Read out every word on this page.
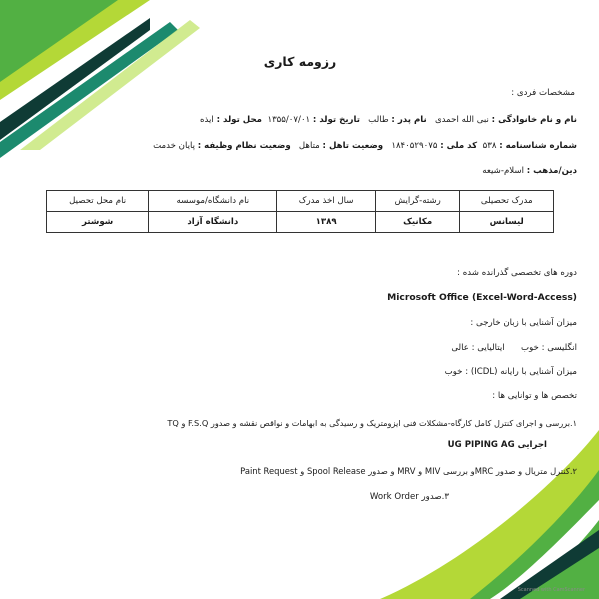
رزومه کاری
مشخصات فردی :
نام و نام خانوادگی : نبی الله احمدی   نام پدر : طالب   تاریخ تولد : ۱۳۵۵/۰۷/۰۱  محل تولد : ایذه
شماره شناسنامه : ۵۳۸  کد ملی : ۱۸۴۰۵۲۹۰۷۵   وضعیت تاهل : متاهل   وضعیت نظام وظیفه : پایان خدمت
دین/مذهب : اسلام-شیعه
مدرک تحصیلی	رشته-گرایش	سال اخذ مدرک	نام دانشگاه/موسسه	نام محل تحصیل
لیسانس	مکانیک	۱۳۸۹	دانشگاه آزاد	شوشتر
دوره های تخصصی گذرانده شده :
Microsoft Office (Excel-Word-Access)
میزان آشنایی با زبان خارجی :
انگلیسی : خوب      ایتالیایی : عالی
میزان آشنایی با رایانه (ICDL) : خوب
تخصص ها و توانایی ها :
۱.بررسی و اجرای کنترل کامل کارگاه-مشکلات فنی ایزومتریک و رسیدگی به ابهامات و نواقص نقشه و صدور F.S.Q و TQ
اجرایی UG PIPING AG
۲.کنترل متریال و صدور MRCو بررسی MIV و MRV و صدور Spool Release و Paint Request
۳.صدور Work Order
Scanned with CamScanner
